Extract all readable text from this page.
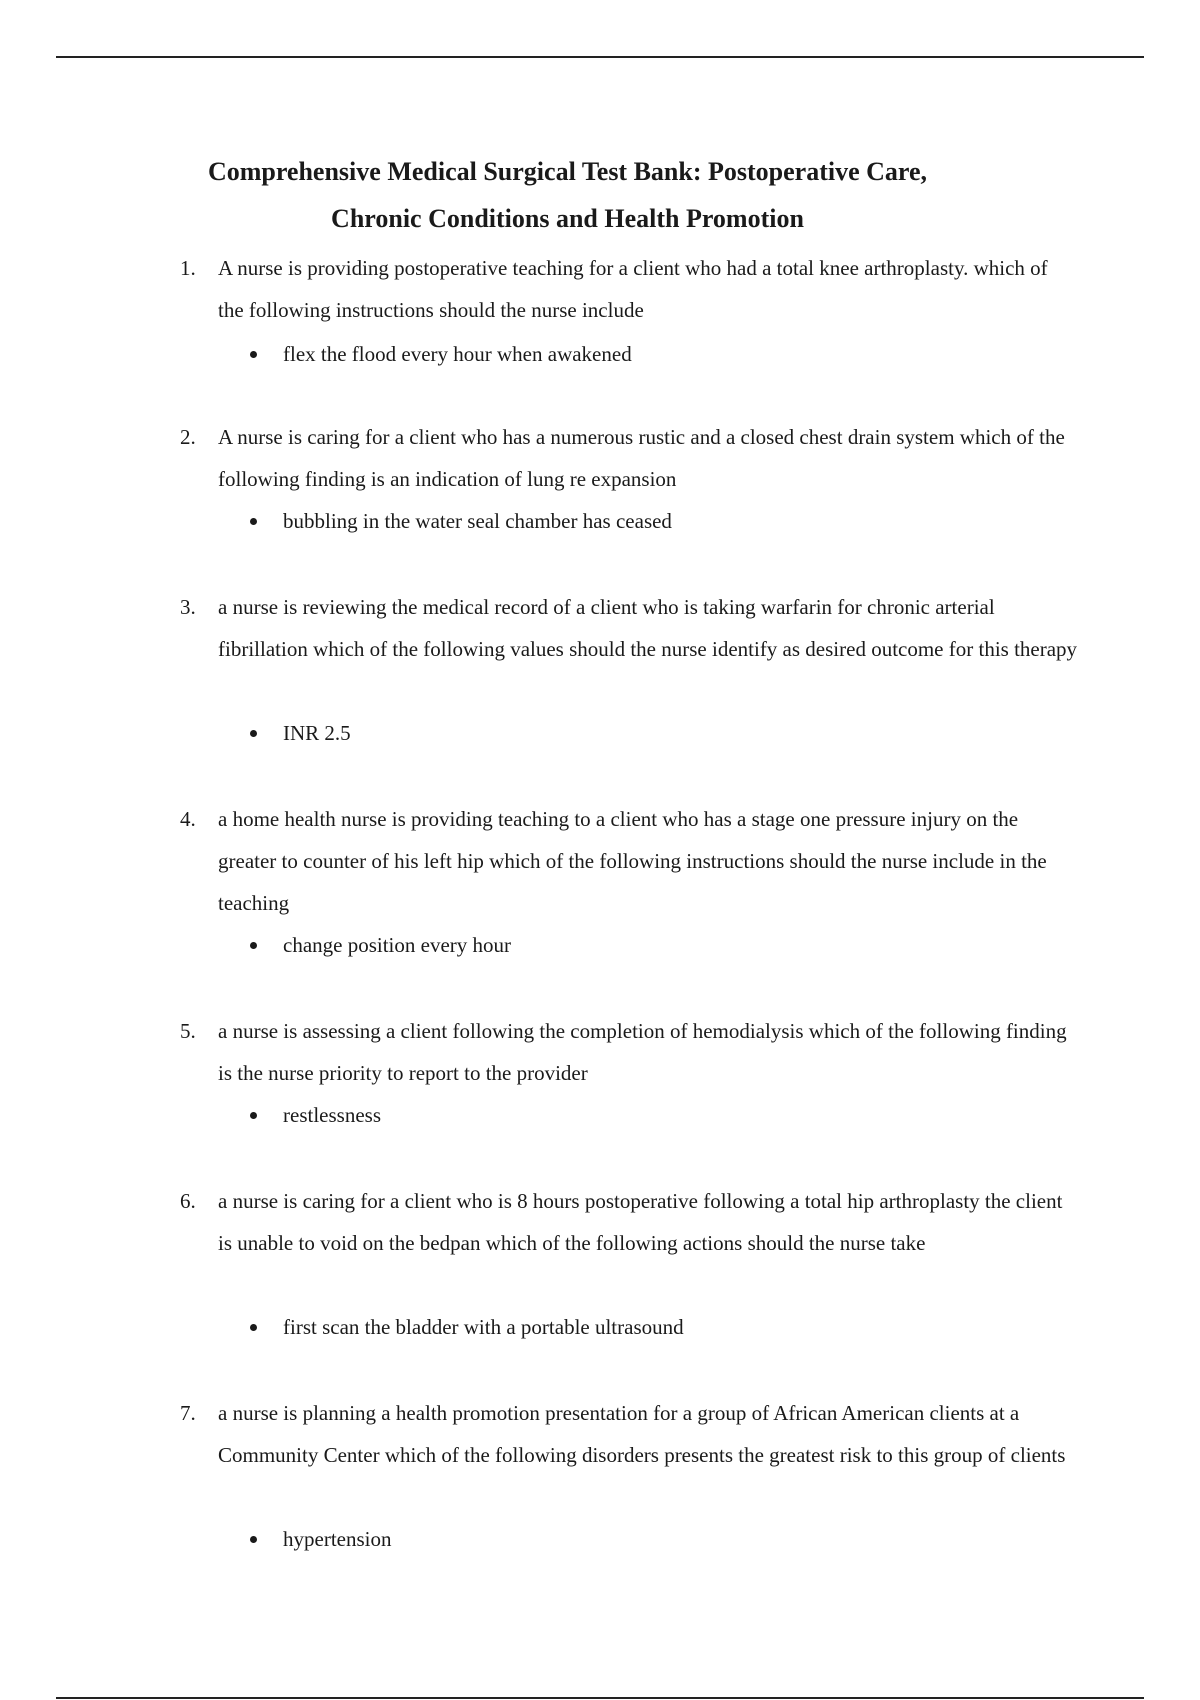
Comprehensive Medical Surgical Test Bank: Postoperative Care,
Chronic Conditions and Health Promotion
1.	A nurse is providing postoperative teaching for a client who had a total knee arthroplasty. which of the following instructions should the nurse include

flex the flood every hour when awakened
2.	A nurse is caring for a client who has a numerous rustic and a closed chest drain system which of the following finding is an indication of lung re expansion

bubbling in the water seal chamber has ceased
3.	a nurse is reviewing the medical record of a client who is taking warfarin for chronic arterial fibrillation which of the following values should the nurse identify as desired outcome for this therapy

INR 2.5
4.	a home health nurse is providing teaching to a client who has a stage one pressure injury on the greater to counter of his left hip which of the following instructions should the nurse include in the teaching

change position every hour
5.	a nurse is assessing a client following the completion of hemodialysis which of the following finding is the nurse priority to report to the provider

restlessness
6.	a nurse is caring for a client who is 8 hours postoperative following a total hip arthroplasty the client is unable to void on the bedpan which of the following actions should the nurse take

first scan the bladder with a portable ultrasound
7.	a nurse is planning a health promotion presentation for a group of African American clients at a Community Center which of the following disorders presents the greatest risk to this group of clients

hypertension
